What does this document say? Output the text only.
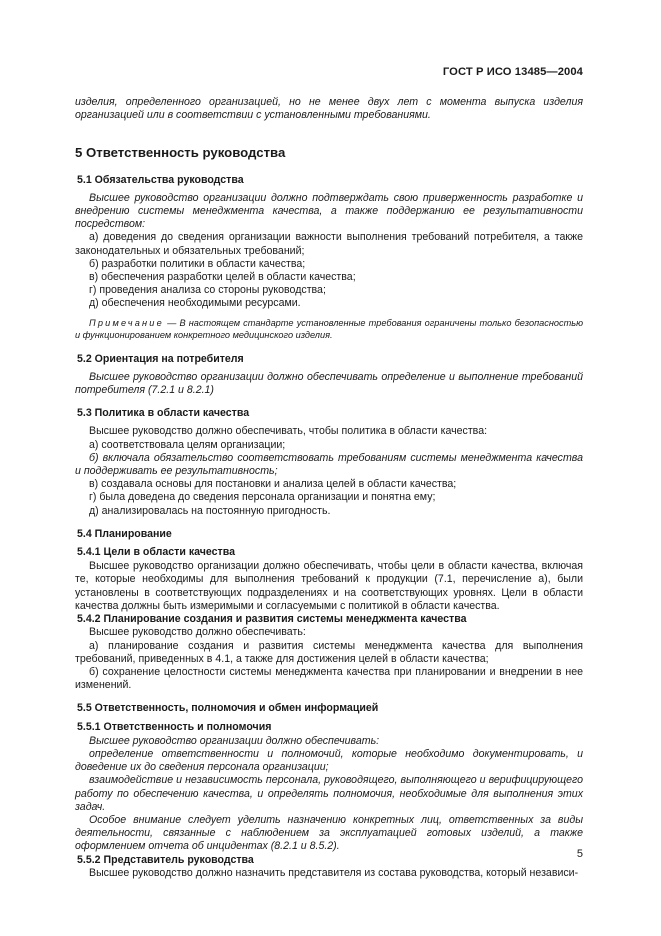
ГОСТ Р ИСО 13485—2004

изделия, определенного организацией, но не менее двух лет с момента выпуска изделия организацией или в соответствии с установленными требованиями.

5 Ответственность руководства
5.1 Обязательства руководства

Высшее руководство организации должно подтверждать свою приверженность разработке и внедрению системы менеджмента качества, а также поддержанию ее результативности посредством:

а) доведения до сведения организации важности выполнения требований потребителя, а также законодательных и обязательных требований;

б) разработки политики в области качества;

в) обеспечения разработки целей в области качества;

г) проведения анализа со стороны руководства;

д) обеспечения необходимыми ресурсами.

Примечание — В настоящем стандарте установленные требования ограничены только безопасностью и функционированием конкретного медицинского изделия.

5.2 Ориентация на потребителя

Высшее руководство организации должно обеспечивать определение и выполнение требований потребителя (7.2.1 и 8.2.1)

5.3 Политика в области качества

Высшее руководство должно обеспечивать, чтобы политика в области качества:

а) соответствовала целям организации;

б) включала обязательство соответствовать требованиям системы менеджмента качества и поддерживать ее результативность;

в) создавала основы для постановки и анализа целей в области качества;

г) была доведена до сведения персонала организации и понятна ему;

д) анализировалась на постоянную пригодность.

5.4 Планирование
5.4.1 Цели в области качества

Высшее руководство организации должно обеспечивать, чтобы цели в области качества, включая те, которые необходимы для выполнения требований к продукции (7.1, перечисление а), были установлены в соответствующих подразделениях и на соответствующих уровнях. Цели в области качества должны быть измеримыми и согласуемыми с политикой в области качества.

5.4.2 Планирование создания и развития системы менеджмента качества

Высшее руководство должно обеспечивать:

а) планирование создания и развития системы менеджмента качества для выполнения требований, приведенных в 4.1, а также для достижения целей в области качества;

б) сохранение целостности системы менеджмента качества при планировании и внедрении в нее изменений.

5.5 Ответственность, полномочия и обмен информацией
5.5.1 Ответственность и полномочия

Высшее руководство организации должно обеспечивать:

определение ответственности и полномочий, которые необходимо документировать, и доведение их до сведения персонала организации;

взаимодействие и независимость персонала, руководящего, выполняющего и верифицирующего работу по обеспечению качества, и определять полномочия, необходимые для выполнения этих задач.

Особое внимание следует уделить назначению конкретных лиц, ответственных за виды деятельности, связанные с наблюдением за эксплуатацией готовых изделий, а также оформлением отчета об инцидентах (8.2.1 и 8.5.2).

5.5.2 Представитель руководства

Высшее руководство должно назначить представителя из состава руководства, который независи-

5
